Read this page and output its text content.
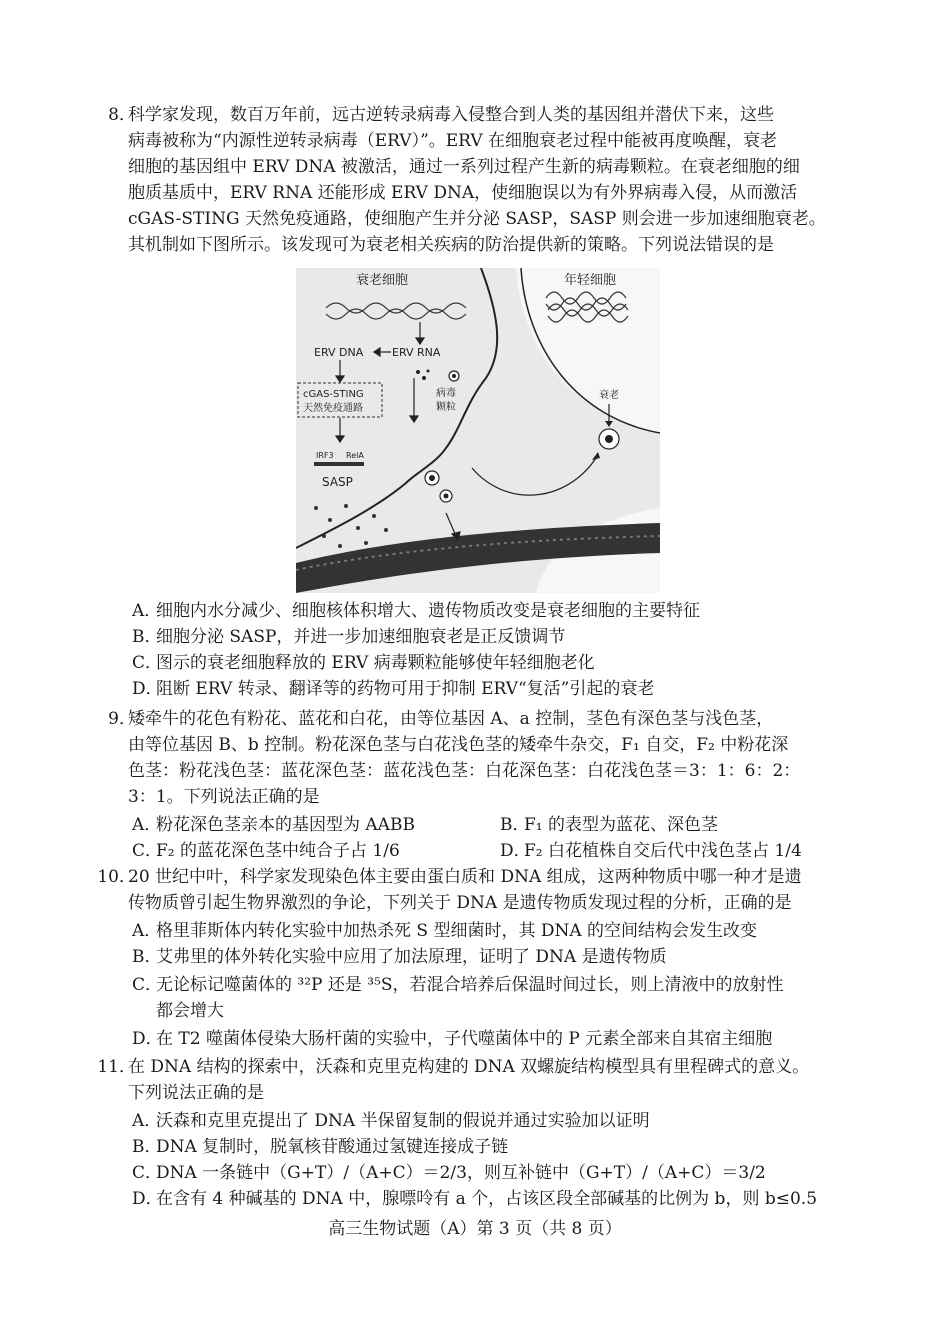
8．

科学家发现，数百万年前，远古逆转录病毒入侵整合到人类的基因组并潜伏下来，这些

病毒被称为“内源性逆转录病毒（ERV）”。ERV 在细胞衰老过程中能被再度唤醒，衰老

细胞的基因组中 ERV DNA 被激活，通过一系列过程产生新的病毒颗粒。在衰老细胞的细

胞质基质中，ERV RNA 还能形成 ERV DNA，使细胞误以为有外界病毒入侵，从而激活

cGAS-STING 天然免疫通路，使细胞产生并分泌 SASP，SASP 则会进一步加速细胞衰老。

其机制如下图所示。该发现可为衰老相关疾病的防治提供新的策略。下列说法错误的是

衰老细胞	年轻细胞
ERV DNA	ERV RNA
cGAS-STING
天然免疫通路
病毒
颗粒
衰老
IRF3 RelA
SASP
A．细胞内水分减少、细胞核体积增大、遗传物质改变是衰老细胞的主要特征
B．细胞分泌 SASP，并进一步加速细胞衰老是正反馈调节
C．图示的衰老细胞释放的 ERV 病毒颗粒能够使年轻细胞老化
D．阻断 ERV 转录、翻译等的药物可用于抑制 ERV“复活”引起的衰老
9．

矮牵牛的花色有粉花、蓝花和白花，由等位基因 A、a 控制，茎色有深色茎与浅色茎，

由等位基因 B、b 控制。粉花深色茎与白花浅色茎的矮牵牛杂交，F₁ 自交，F₂ 中粉花深

色茎：粉花浅色茎：蓝花深色茎：蓝花浅色茎：白花深色茎：白花浅色茎＝3：1：6：2：

3：1。下列说法正确的是

A．粉花深色茎亲本的基因型为 AABB	B．F₁ 的表型为蓝花、深色茎
C．F₂ 的蓝花深色茎中纯合子占 1/6	D．F₂ 白花植株自交后代中浅色茎占 1/4
10．

20 世纪中叶，科学家发现染色体主要由蛋白质和 DNA 组成，这两种物质中哪一种才是遗

传物质曾引起生物界激烈的争论，下列关于 DNA 是遗传物质发现过程的分析，正确的是

A．格里菲斯体内转化实验中加热杀死 S 型细菌时，其 DNA 的空间结构会发生改变
B．艾弗里的体外转化实验中应用了加法原理，证明了 DNA 是遗传物质
C．无论标记噬菌体的 ³²P 还是 ³⁵S，若混合培养后保温时间过长，则上清液中的放射性
都会增大
D．在 T2 噬菌体侵染大肠杆菌的实验中，子代噬菌体中的 P 元素全部来自其宿主细胞
11．

在 DNA 结构的探索中，沃森和克里克构建的 DNA 双螺旋结构模型具有里程碑式的意义。

下列说法正确的是

A．沃森和克里克提出了 DNA 半保留复制的假说并通过实验加以证明
B．DNA 复制时，脱氧核苷酸通过氢键连接成子链
C．DNA 一条链中（G+T）/（A+C）＝2/3，则互补链中（G+T）/（A+C）＝3/2
D．在含有 4 种碱基的 DNA 中，腺嘌呤有 a 个，占该区段全部碱基的比例为 b，则 b≤0.5
高三生物试题（A）第 3 页（共 8 页）
